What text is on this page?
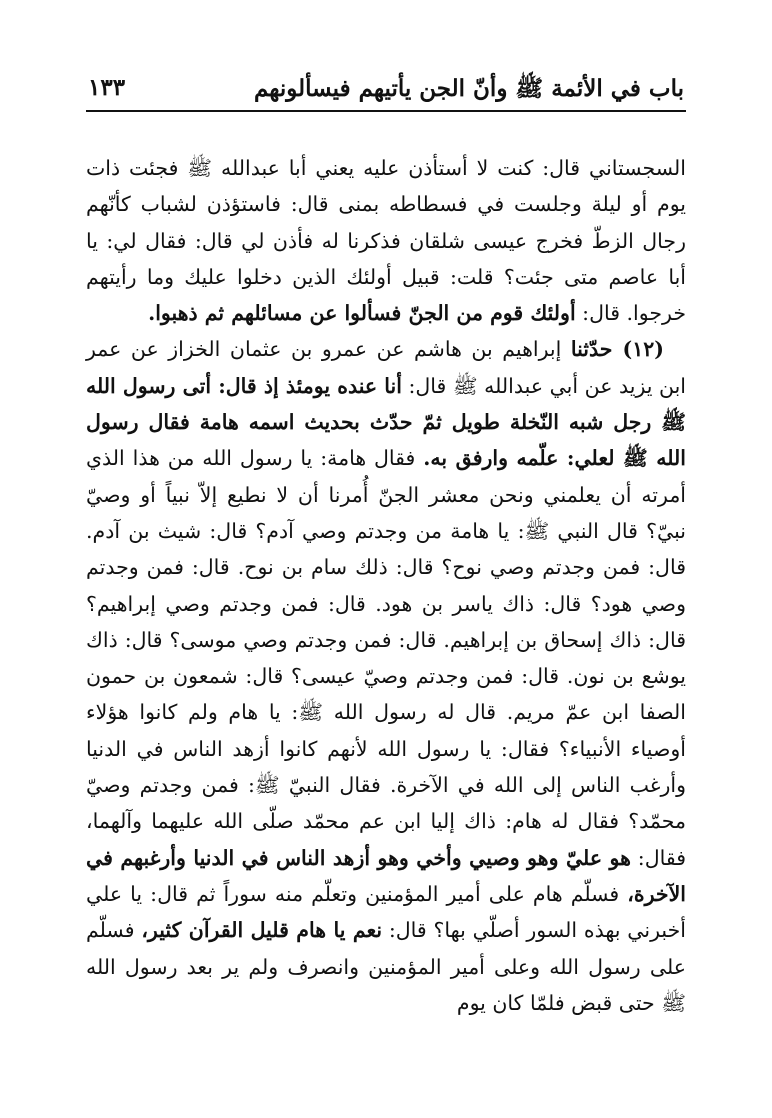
باب في الأئمة ﷺ وأنّ الجن يأتيهم فيسألونهم
١٣٣

السجستاني قال: كنت لا أستأذن عليه يعني أبا عبدالله ﷺ فجئت ذات يوم أو ليلة وجلست في فسطاطه بمنى قال: فاستؤذن لشباب كأنّهم رجال الزطّ فخرج عيسى شلقان فذكرنا له فأذن لي قال: فقال لي: يا أبا عاصم متى جئت؟ قلت: قبيل أولئك الذين دخلوا عليك وما رأيتهم خرجوا. قال: أولئك قوم من الجنّ فسألوا عن مسائلهم ثم ذهبوا.

(١٢) حدّثنا إبراهيم بن هاشم عن عمرو بن عثمان الخزاز عن عمر ابن يزيد عن أبي عبدالله ﷺ قال: أنا عنده يومئذ إذ قال: أتى رسول الله ﷺ رجل شبه النّخلة طويل ثمّ حدّث بحديث اسمه هامة فقال رسول الله ﷺ لعلي: علّمه وارفق به. فقال هامة: يا رسول الله من هذا الذي أمرته أن يعلمني ونحن معشر الجنّ أُمرنا أن لا نطيع إلاّ نبياً أو وصيّ نبيّ؟ قال النبي ﷺ: يا هامة من وجدتم وصي آدم؟ قال: شيث بن آدم. قال: فمن وجدتم وصي نوح؟ قال: ذلك سام بن نوح. قال: فمن وجدتم وصي هود؟ قال: ذاك ياسر بن هود. قال: فمن وجدتم وصي إبراهيم؟ قال: ذاك إسحاق بن إبراهيم. قال: فمن وجدتم وصي موسى؟ قال: ذاك يوشع بن نون. قال: فمن وجدتم وصيّ عيسى؟ قال: شمعون بن حمون الصفا ابن عمّ مريم. قال له رسول الله ﷺ: يا هام ولم كانوا هؤلاء أوصياء الأنبياء؟ فقال: يا رسول الله لأنهم كانوا أزهد الناس في الدنيا وأرغب الناس إلى الله في الآخرة. فقال النبيّ ﷺ: فمن وجدتم وصيّ محمّد؟ فقال له هام: ذاك إليا ابن عم محمّد صلّى الله عليهما وآلهما، فقال: هو عليّ وهو وصيي وأخي وهو أزهد الناس في الدنيا وأرغبهم في الآخرة، فسلّم هام على أمير المؤمنين وتعلّم منه سوراً ثم قال: يا علي أخبرني بهذه السور أصلّي بها؟ قال: نعم يا هام قليل القرآن كثير، فسلّم على رسول الله وعلى أمير المؤمنين وانصرف ولم ير بعد رسول الله ﷺ حتى قبض فلمّا كان يوم
